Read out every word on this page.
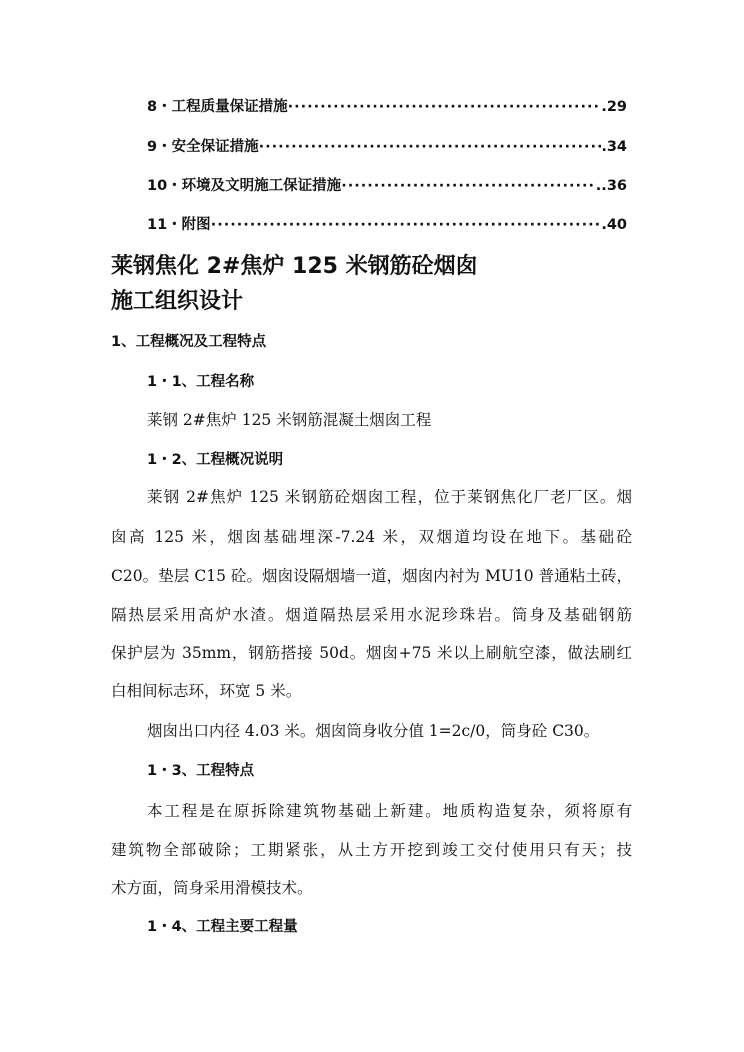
8・工程质量保证措施 ·····	.29
9・安全保证措施 ·····	.34
10・环境及文明施工保证措施 ·····	..36
11・附图 ·····	.40
莱钢焦化 2#焦炉 125 米钢筋砼烟囱
施工组织设计
1、工程概况及工程特点
1・1、工程名称
莱钢 2#焦炉 125 米钢筋混凝土烟囱工程
1・2、工程概况说明
莱钢 2#焦炉 125 米钢筋砼烟囱工程，位于莱钢焦化厂老厂区。烟
囱高 125 米，烟囱基础埋深-7.24 米，双烟道均设在地下。基础砼
C20。垫层 C15 砼。烟囱设隔烟墙一道，烟囱内衬为 MU10 普通粘土砖，
隔热层采用高炉水渣。烟道隔热层采用水泥珍珠岩。筒身及基础钢筋
保护层为 35mm，钢筋搭接 50d。烟囱+75 米以上刷航空漆，做法刷红
白相间标志环，环宽 5 米。
烟囱出口内径 4.03 米。烟囱筒身收分值 1=2c/0，筒身砼 C30。
1・3、工程特点
本工程是在原拆除建筑物基础上新建。地质构造复杂，须将原有
建筑物全部破除；工期紧张，从土方开挖到竣工交付使用只有天；技
术方面，筒身采用滑模技术。
1・4、工程主要工程量
